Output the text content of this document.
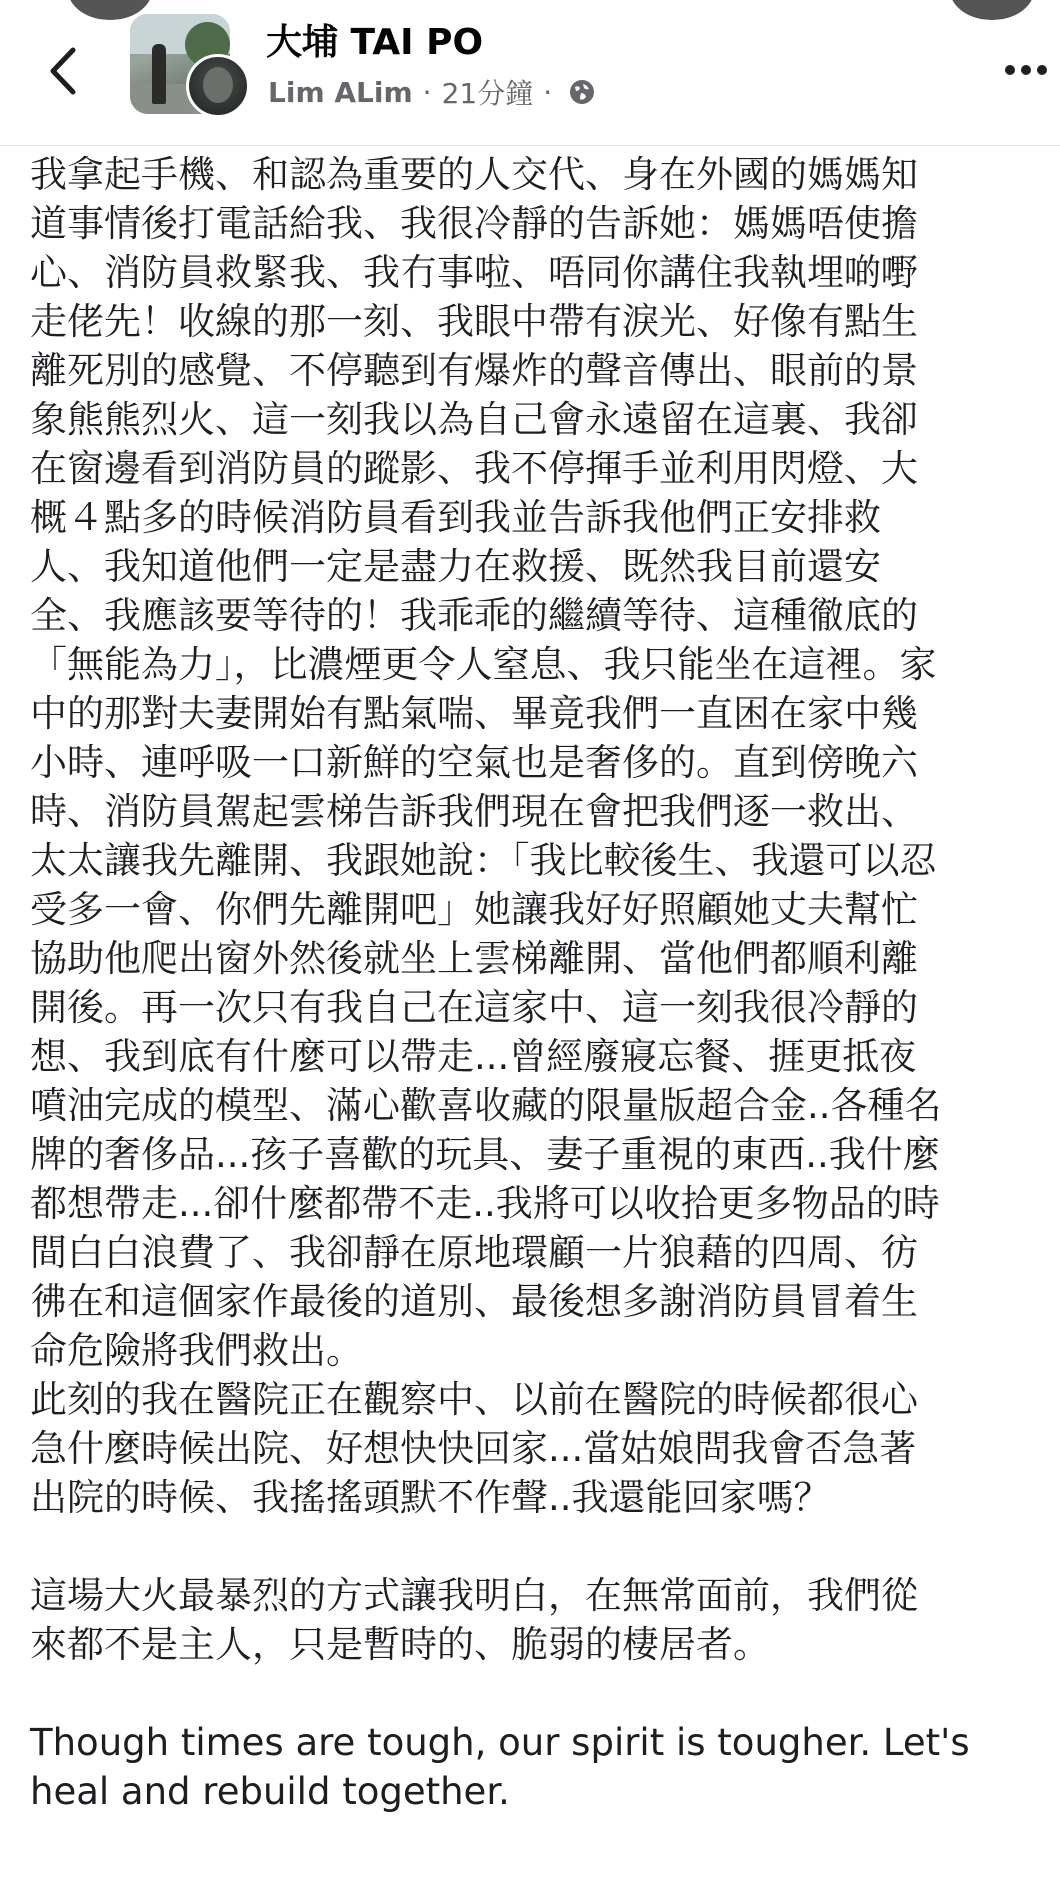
大埔 TAI PO
Lim ALim · 21分鐘 ·
我拿起手機、和認為重要的人交代、身在外國的媽媽知
道事情後打電話給我、我很冷靜的告訴她：媽媽唔使擔
心、消防員救緊我、我冇事啦、唔同你講住我執埋啲嘢
走佬先！收線的那一刻、我眼中帶有淚光、好像有點生
離死別的感覺、不停聽到有爆炸的聲音傳出、眼前的景
象熊熊烈火、這一刻我以為自己會永遠留在這裏、我卻
在窗邊看到消防員的蹤影、我不停揮手並利用閃燈、大
概４點多的時候消防員看到我並告訴我他們正安排救
人、我知道他們一定是盡力在救援、既然我目前還安
全、我應該要等待的！我乖乖的繼續等待、這種徹底的
「無能為力」，比濃煙更令人窒息、我只能坐在這裡。家
中的那對夫妻開始有點氣喘、畢竟我們一直困在家中幾
小時、連呼吸一口新鮮的空氣也是奢侈的。直到傍晚六
時、消防員駕起雲梯告訴我們現在會把我們逐一救出、
太太讓我先離開、我跟她說：「我比較後生、我還可以忍
受多一會、你們先離開吧」她讓我好好照顧她丈夫幫忙
協助他爬出窗外然後就坐上雲梯離開、當他們都順利離
開後。再一次只有我自己在這家中、這一刻我很冷靜的
想、我到底有什麼可以帶走...曾經廢寢忘餐、捱更抵夜
噴油完成的模型、滿心歡喜收藏的限量版超合金..各種名
牌的奢侈品...孩子喜歡的玩具、妻子重視的東西..我什麼
都想帶走...卻什麼都帶不走..我將可以收拾更多物品的時
間白白浪費了、我卻靜在原地環顧一片狼藉的四周、彷
彿在和這個家作最後的道別、最後想多謝消防員冒着生
命危險將我們救出。
此刻的我在醫院正在觀察中、以前在醫院的時候都很心
急什麼時候出院、好想快快回家...當姑娘問我會否急著
出院的時候、我搖搖頭默不作聲..我還能回家嗎？
這場大火最暴烈的方式讓我明白，在無常面前，我們從
來都不是主人，只是暫時的、脆弱的棲居者。
Though times are tough, our spirit is tougher. Let's
heal and rebuild together.
